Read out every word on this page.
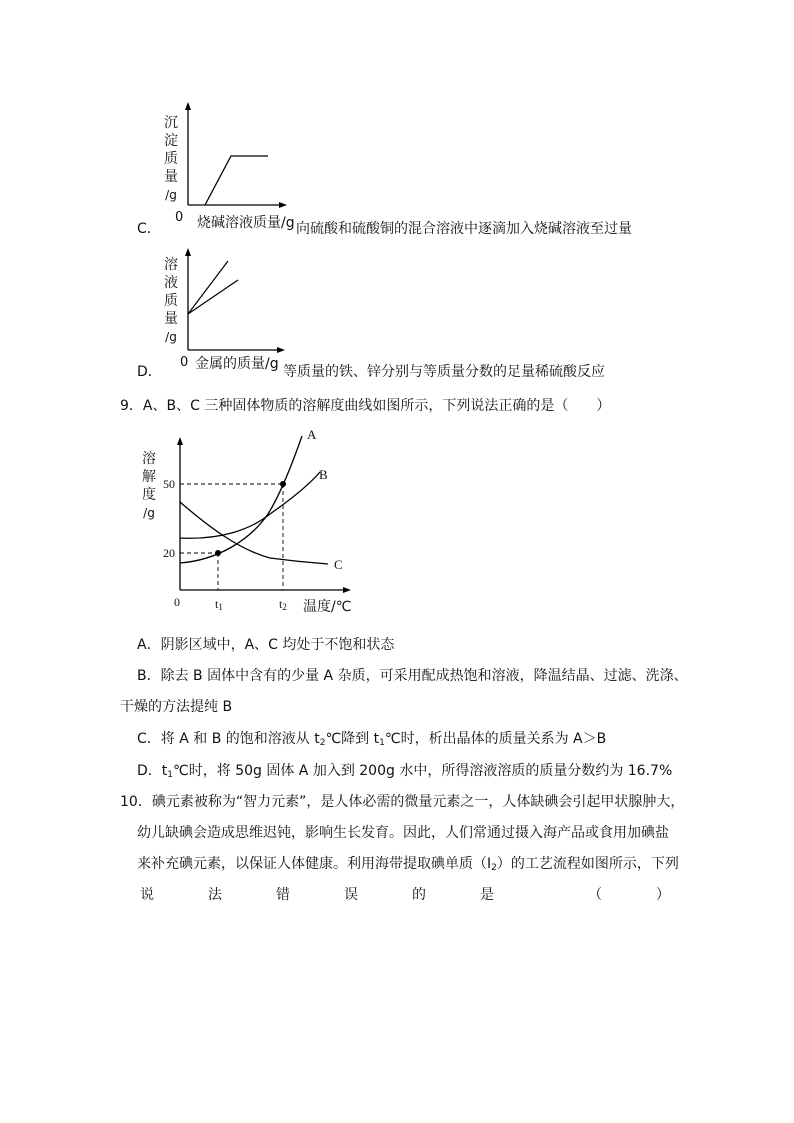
沉
淀
质
量
/g
0 烧碱溶液质量/g
C．	向硫酸和硫酸铜的混合溶液中逐滴加入烧碱溶液至过量
溶
液
质
量
/g
0 金属的质量/g
D．	等质量的铁、锌分别与等质量分数的足量稀硫酸反应
9．A、B、C 三种固体物质的溶解度曲线如图所示，下列说法正确的是（　　）
溶
解
度
/g
50
20
0	$t_1$	$t_2$ 温度/℃
A
B
C
A．阴影区域中，A、C 均处于不饱和状态
B．除去 B 固体中含有的少量 A 杂质，可采用配成热饱和溶液，降温结晶、过滤、洗涤、
干燥的方法提纯 B
C．将 A 和 B 的饱和溶液从 $t_2℃$降到 $t_1℃$时，析出晶体的质量关系为 A＞B
D．$t_1℃$时，将 50g 固体 A 加入到 200g 水中，所得溶液溶质的质量分数约为 16.7%
10．碘元素被称为“智力元素”，是人体必需的微量元素之一，人体缺碘会引起甲状腺肿大，
幼儿缺碘会造成思维迟钝，影响生长发育。因此，人们常通过摄入海产品或食用加碘盐
来补充碘元素，以保证人体健康。利用海带提取碘单质$(I_2)$的工艺流程如图所示，下列
说	法	错	误	的	是	（	）
